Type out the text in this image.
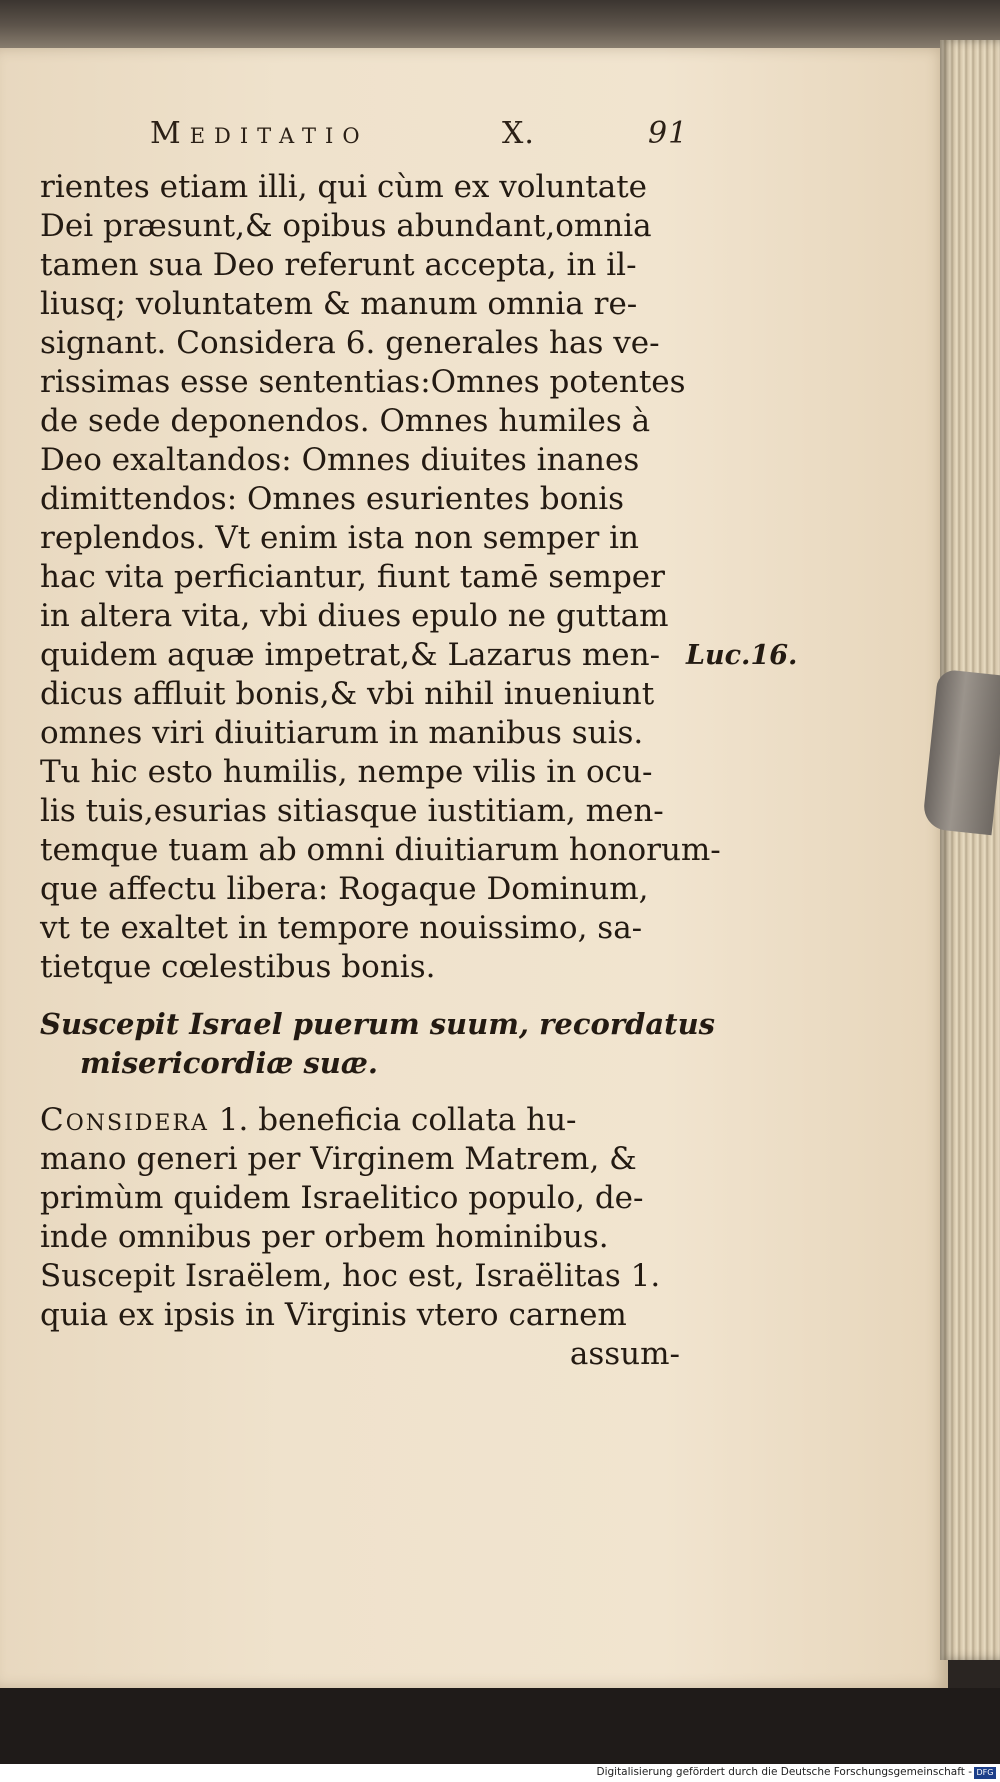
Meditatio	X.	91
Luc.16.
rientes etiam illi, qui cùm ex voluntate
Dei præsunt,& opibus abundant,omnia
tamen sua Deo referunt accepta, in il-
liusq; voluntatem & manum omnia re-
signant. Considera 6. generales has ve-
rissimas esse sententias:Omnes potentes
de sede deponendos. Omnes humiles à
Deo exaltandos: Omnes diuites inanes
dimittendos: Omnes esurientes bonis
replendos. Vt enim ista non semper in
hac vita perficiantur, fiunt tamē semper
in altera vita, vbi diues epulo ne guttam
quidem aquæ impetrat,& Lazarus men-
dicus affluit bonis,& vbi nihil inueniunt
omnes viri diuitiarum in manibus suis.
Tu hic esto humilis, nempe vilis in ocu-
lis tuis,esurias sitiasque iustitiam, men-
temque tuam ab omni diuitiarum honorum-
que affectu libera: Rogaque Dominum,
vt te exaltet in tempore nouissimo, sa-
tietque cœlestibus bonis.
Suscepit Israel puerum suum, recordatus
misericordiæ suæ.
Considera 1. beneficia collata hu-
mano generi per Virginem Matrem, &
primùm quidem Israelitico populo, de-
inde omnibus per orbem hominibus.
Suscepit Israëlem, hoc est, Israëlitas 1.
quia ex ipsis in Virginis vtero carnem
assum-
Digitalisierung gefördert durch die Deutsche Forschungsgemeinschaft - DFG
